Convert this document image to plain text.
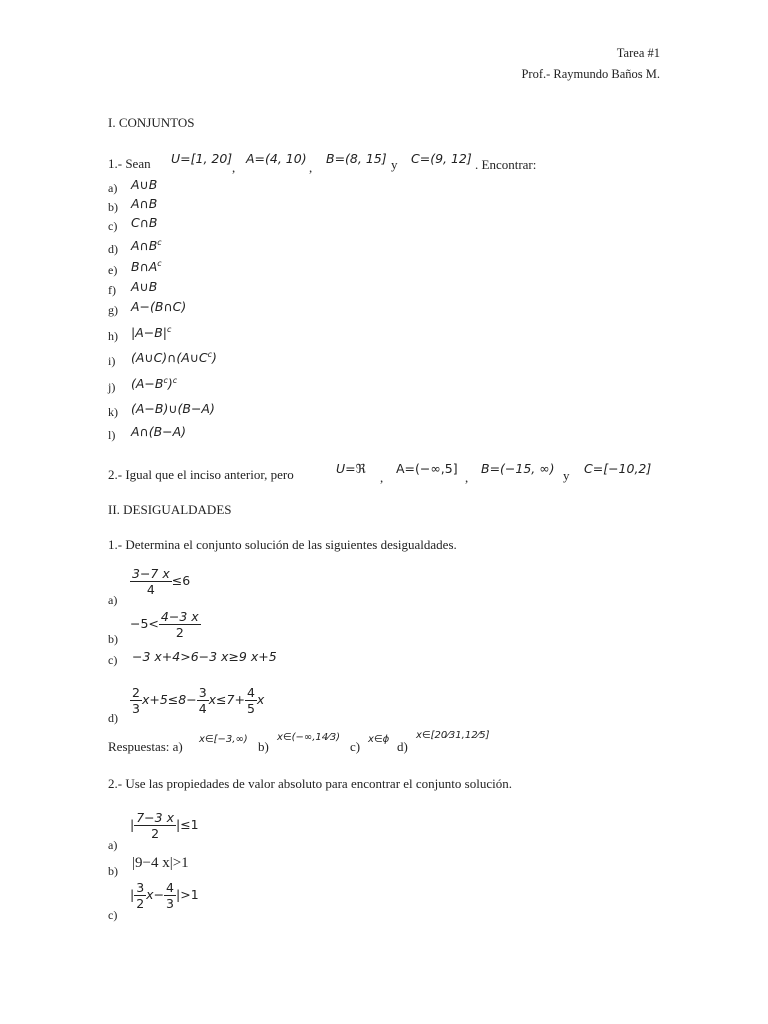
Tarea #1
Prof.- Raymundo Baños M.
I. CONJUNTOS
1.- Sean U=[1, 20]
,
A=(4, 10)
,
B=(8, 15] y C=(9, 12] . Encontrar:
a) A∪B
b) A∩B
c) C∩B
d) $A\cap B^c$
e) $B\cap A^c$
f) A∪B
g) A−(B∩C)
h) $|A-B|^c$
i) $(A\cup C)\cap(A\cup C^c)$
j) $(A-B^c)^c$
k) (A−B)∪(B−A)
l) A∩(B−A)
2.- Igual que el inciso anterior, pero	U=ℜ
,
A=(−∞,5]
,
B=(−15, ∞) y C=[−10,2]
II. DESIGUALDADES
1.- Determina el conjunto solución de las siguientes desigualdades.
a)
$\frac{3-7 x}{4} \le 6$
b)
$-5< \frac{4-3 x}{2}$
c) −3 x+4>6−3 x≥9 x+5
d)
$\frac{2}{3} x+5\le 8- \frac{3}{4} x\le 7+ \frac{4}{5}$ x
Respuestas: a) x∈[−3,∞) b)
x∈(−∞,14⁄3)
c) x∈ϕ d)
x∈[20⁄31,12⁄5]
2.- Use las propiedades de valor absoluto para encontrar el conjunto solución.
a)
| $\frac{7-3 x}{2} |\le 1$
b) |9−4 x|>1
c)
| $\frac{3}{2} x- \frac{4}{3} |>1$
